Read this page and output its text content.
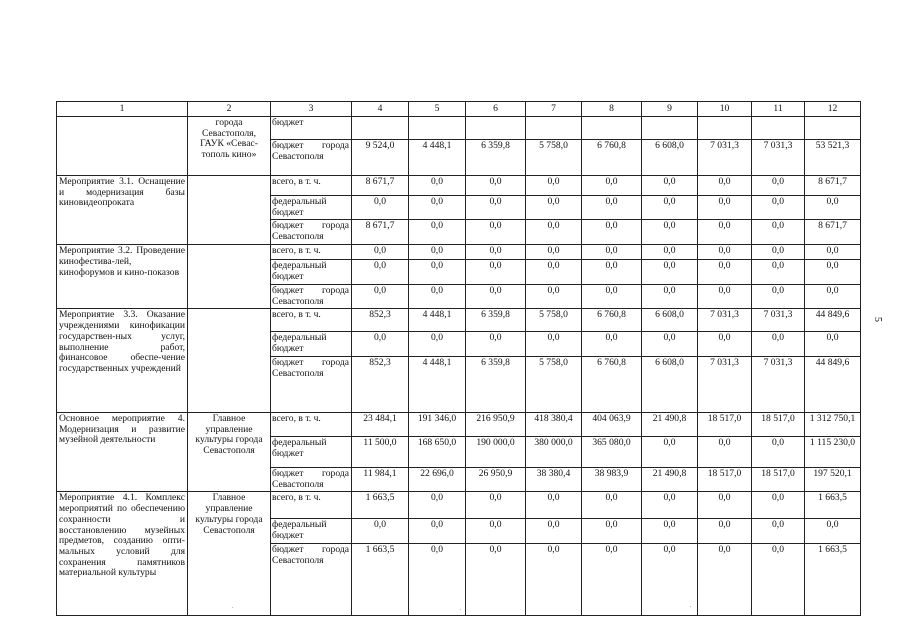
1	2	3	4	5	6	7	8	9	10	11	12
	города Севастополя, ГАУК «Севас-тополь кино»	бюджет									
		бюджет города Севастополя	9 524,0	4 448,1	6 359,8	5 758,0	6 760,8	6 608,0	7 031,3	7 031,3	53 521,3
Мероприятие 3.1. Оснащение и модернизация базы киновидеопроката		всего, в т. ч.	8 671,7	0,0	0,0	0,0	0,0	0,0	0,0	0,0	8 671,7
		федеральный бюджет	0,0	0,0	0,0	0,0	0,0	0,0	0,0	0,0	0,0
		бюджет города Севастополя	8 671,7	0,0	0,0	0,0	0,0	0,0	0,0	0,0	8 671,7
Мероприятие 3.2. Проведение кинофестива-лей, кинофорумов и кино-показов		всего, в т. ч.	0,0	0,0	0,0	0,0	0,0	0,0	0,0	0,0	0,0
		федеральный бюджет	0,0	0,0	0,0	0,0	0,0	0,0	0,0	0,0	0,0
		бюджет города Севастополя	0,0	0,0	0,0	0,0	0,0	0,0	0,0	0,0	0,0
Мероприятие 3.3. Оказание учреждениями кинофикации государствен-ных услуг, выполнение работ, финансовое обеспе-чение государственных учреждений		всего, в т. ч.	852,3	4 448,1	6 359,8	5 758,0	6 760,8	6 608,0	7 031,3	7 031,3	44 849,6
		федеральный бюджет	0,0	0,0	0,0	0,0	0,0	0,0	0,0	0,0	0,0
		бюджет города Севастополя	852,3	4 448,1	6 359,8	5 758,0	6 760,8	6 608,0	7 031,3	7 031,3	44 849,6
Основное мероприятие 4. Модернизация и развитие музейной деятельности	Главное управление культуры города Севастополя	всего, в т. ч.	23 484,1	191 346,0	216 950,9	418 380,4	404 063,9	21 490,8	18 517,0	18 517,0	1 312 750,1
		федеральный бюджет	11 500,0	168 650,0	190 000,0	380 000,0	365 080,0	0,0	0,0	0,0	1 115 230,0
		бюджет города Севастополя	11 984,1	22 696,0	26 950,9	38 380,4	38 983,9	21 490,8	18 517,0	18 517,0	197 520,1
Мероприятие 4.1. Комплекс мероприятий по обеспечению сохранности и восстановлению музейных предметов, созданию опти-мальных условий для сохранения памятников материальной культуры	Главное управление культуры города Севастополя	всего, в т. ч.	1 663,5	0,0	0,0	0,0	0,0	0,0	0,0	0,0	1 663,5
		федеральный бюджет	0,0	0,0	0,0	0,0	0,0	0,0	0,0	0,0	0,0
		бюджет города Севастополя	1 663,5	0,0	0,0	0,0	0,0	0,0	0,0	0,0	1 663,5
5
